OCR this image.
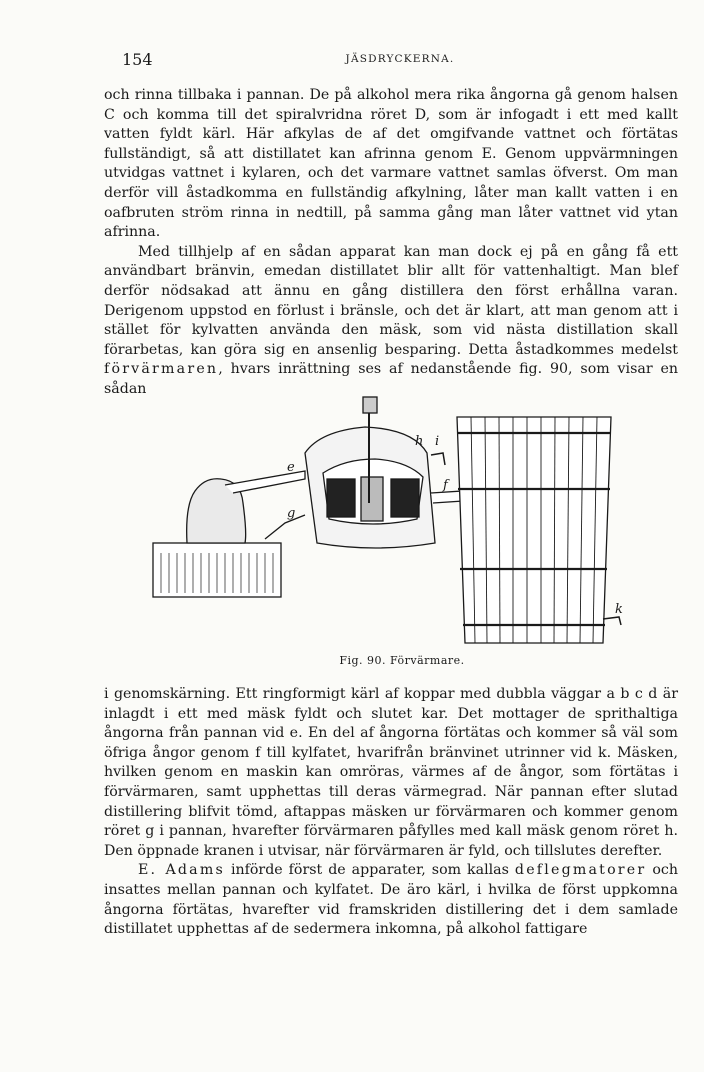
154	JÄSDRYCKERNA.

och rinna tillbaka i pannan. De på alkohol mera rika ångorna gå genom halsen C och komma till det spiralvridna röret D, som är infogadt i ett med kallt vatten fyldt kärl. Här afkylas de af det omgifvande vattnet och förtätas fullständigt, så att distillatet kan afrinna genom E. Genom uppvärmningen utvidgas vattnet i kylaren, och det varmare vattnet samlas öfverst. Om man derför vill åstadkomma en fullständig afkylning, låter man kallt vatten i en oafbruten ström rinna in nedtill, på samma gång man låter vattnet vid ytan afrinna.

Med tillhjelp af en sådan apparat kan man dock ej på en gång få ett användbart bränvin, emedan distillatet blir allt för vattenhaltigt. Man blef derför nödsakad att ännu en gång distillera den först erhållna varan. Derigenom uppstod en förlust i bränsle, och det är klart, att man genom att i stället för kylvatten använda den mäsk, som vid nästa distillation skall förarbetas, kan göra sig en ansenlig besparing. Detta åstadkommes medelst förvärmaren, hvars inrättning ses af nedanstående fig. 90, som visar en sådan

h i
e
f
g
k
Fig. 90. Förvärmare.

i genomskärning. Ett ringformigt kärl af koppar med dubbla väggar a b c d är inlagdt i ett med mäsk fyldt och slutet kar. Det mottager de sprithaltiga ångorna från pannan vid e. En del af ångorna förtätas och kommer så väl som öfriga ångor genom f till kylfatet, hvarifrån bränvinet utrinner vid k. Mäsken, hvilken genom en maskin kan omröras, värmes af de ångor, som förtätas i förvärmaren, samt upphettas till deras värmegrad. När pannan efter slutad distillering blifvit tömd, aftappas mäsken ur förvärmaren och kommer genom röret g i pannan, hvarefter förvärmaren påfylles med kall mäsk genom röret h. Den öppnade kranen i utvisar, när förvärmaren är fyld, och tillslutes derefter.

E. Adams införde först de apparater, som kallas deflegmatorer och insattes mellan pannan och kylfatet. De äro kärl, i hvilka de först uppkomna ångorna förtätas, hvarefter vid framskriden distillering det i dem samlade distillatet upphettas af de sedermera inkomna, på alkohol fattigare
